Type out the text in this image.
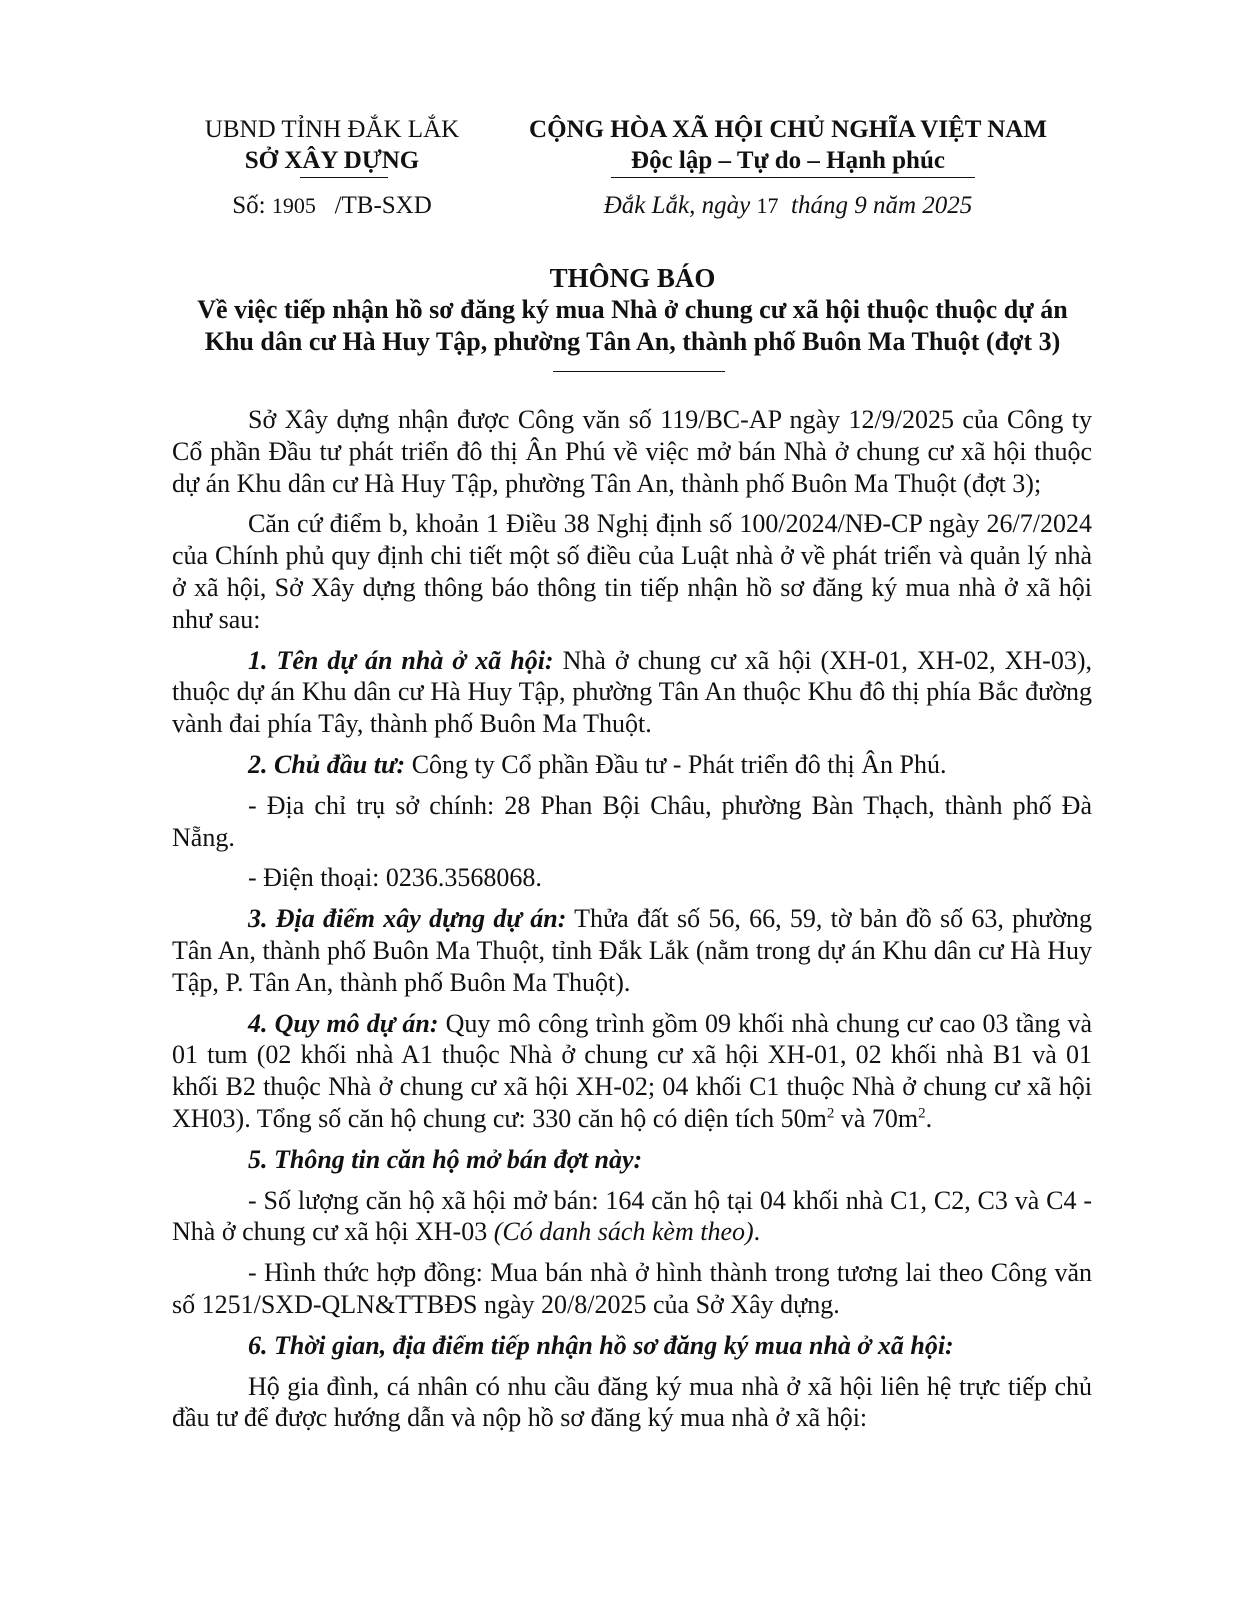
UBND TỈNH ĐẮK LẮK
SỞ XÂY DỰNG
Số: 1905 /TB-SXD
CỘNG HÒA XÃ HỘI CHỦ NGHĨA VIỆT NAM
Độc lập – Tự do – Hạnh phúc
Đắk Lắk, ngày 17 tháng 9 năm 2025
THÔNG BÁO
Về việc tiếp nhận hồ sơ đăng ký mua Nhà ở chung cư xã hội thuộc thuộc dự án
Khu dân cư Hà Huy Tập, phường Tân An, thành phố Buôn Ma Thuột (đợt 3)

Sở Xây dựng nhận được Công văn số 119/BC-AP ngày 12/9/2025 của Công ty Cổ phần Đầu tư phát triển đô thị Ân Phú về việc mở bán Nhà ở chung cư xã hội thuộc dự án Khu dân cư Hà Huy Tập, phường Tân An, thành phố Buôn Ma Thuột (đợt 3);

Căn cứ điểm b, khoản 1 Điều 38 Nghị định số 100/2024/NĐ-CP ngày 26/7/2024 của Chính phủ quy định chi tiết một số điều của Luật nhà ở về phát triển và quản lý nhà ở xã hội, Sở Xây dựng thông báo thông tin tiếp nhận hồ sơ đăng ký mua nhà ở xã hội như sau:

1. Tên dự án nhà ở xã hội: Nhà ở chung cư xã hội (XH-01, XH-02, XH-03), thuộc dự án Khu dân cư Hà Huy Tập, phường Tân An thuộc Khu đô thị phía Bắc đường vành đai phía Tây, thành phố Buôn Ma Thuột.

2. Chủ đầu tư: Công ty Cổ phần Đầu tư - Phát triển đô thị Ân Phú.

- Địa chỉ trụ sở chính: 28 Phan Bội Châu, phường Bàn Thạch, thành phố Đà Nẵng.

- Điện thoại: 0236.3568068.

3. Địa điểm xây dựng dự án: Thửa đất số 56, 66, 59, tờ bản đồ số 63, phường Tân An, thành phố Buôn Ma Thuột, tỉnh Đắk Lắk (nằm trong dự án Khu dân cư Hà Huy Tập, P. Tân An, thành phố Buôn Ma Thuột).

4. Quy mô dự án: Quy mô công trình gồm 09 khối nhà chung cư cao 03 tầng và 01 tum (02 khối nhà A1 thuộc Nhà ở chung cư xã hội XH-01, 02 khối nhà B1 và 01 khối B2 thuộc Nhà ở chung cư xã hội XH-02; 04 khối C1 thuộc Nhà ở chung cư xã hội XH03). Tổng số căn hộ chung cư: 330 căn hộ có diện tích $50m^2$ và $70m^2$.

5. Thông tin căn hộ mở bán đợt này:

- Số lượng căn hộ xã hội mở bán: 164 căn hộ tại 04 khối nhà C1, C2, C3 và C4 - Nhà ở chung cư xã hội XH-03 (Có danh sách kèm theo).

- Hình thức hợp đồng: Mua bán nhà ở hình thành trong tương lai theo Công văn số 1251/SXD-QLN&TTBĐS ngày 20/8/2025 của Sở Xây dựng.

6. Thời gian, địa điểm tiếp nhận hồ sơ đăng ký mua nhà ở xã hội:

Hộ gia đình, cá nhân có nhu cầu đăng ký mua nhà ở xã hội liên hệ trực tiếp chủ đầu tư để được hướng dẫn và nộp hồ sơ đăng ký mua nhà ở xã hội:
